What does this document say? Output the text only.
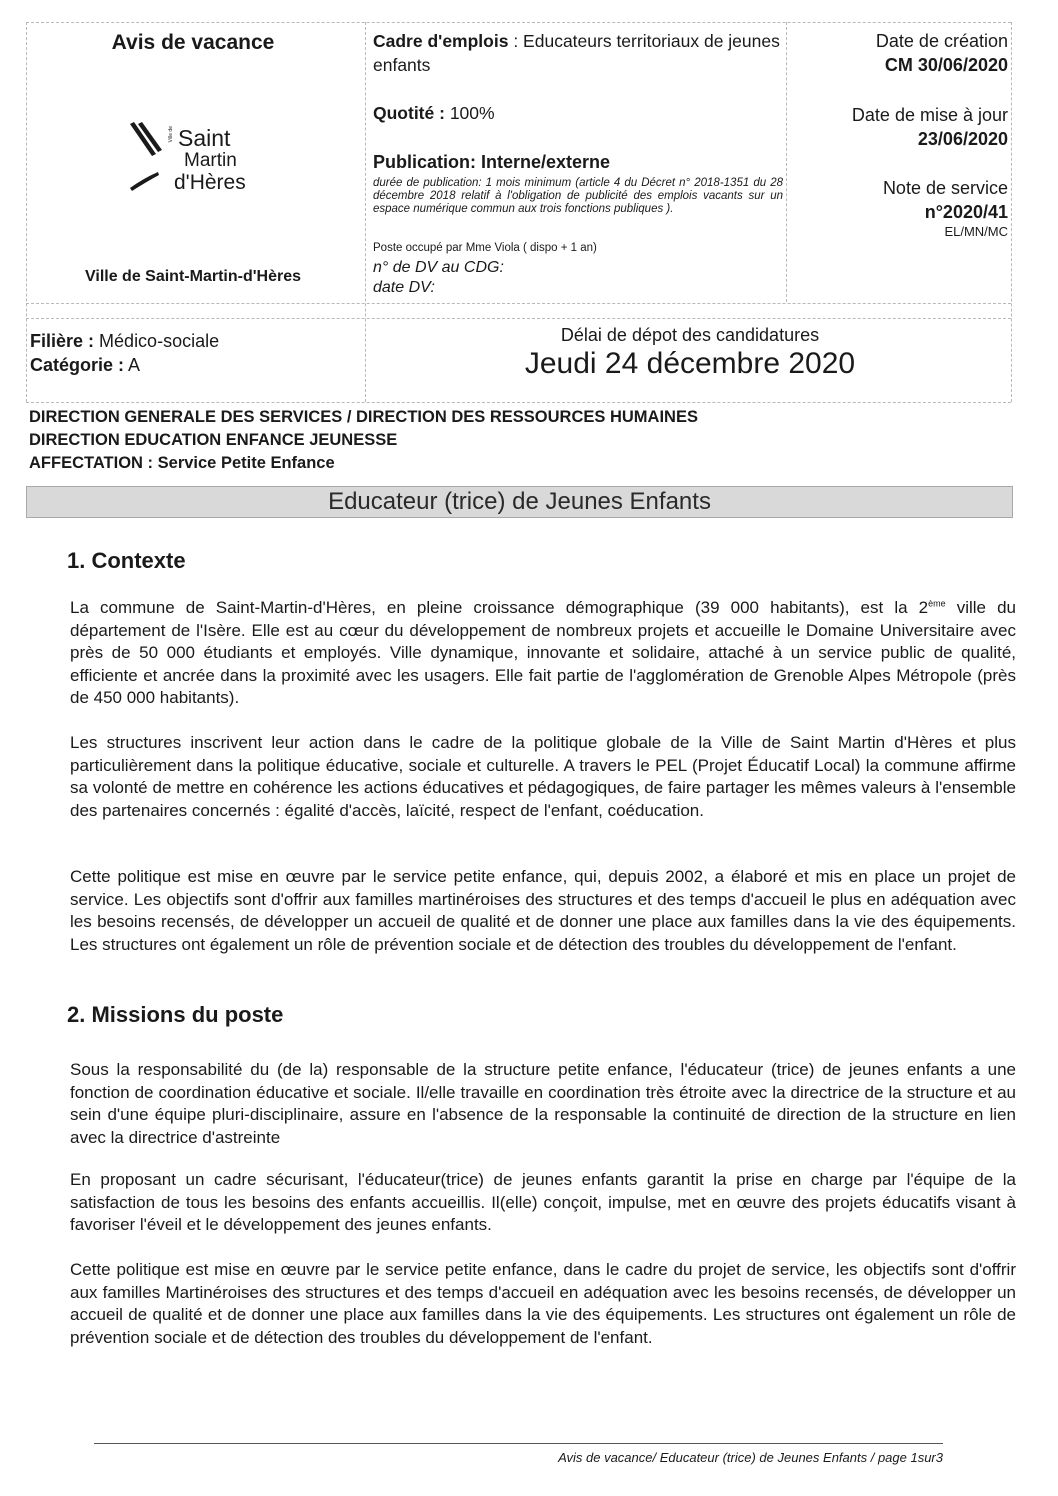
Avis de vacance
Ville de Saint
Martin
d'Hères
Ville de Saint-Martin-d'Hères
Cadre d'emplois : Educateurs territoriaux de jeunes enfants
Quotité : 100%
Publication: Interne/externe
durée de publication: 1 mois minimum (article 4 du Décret n° 2018-1351 du 28 décembre 2018 relatif à l'obligation de publicité des emplois vacants sur un espace numérique commun aux trois fonctions publiques ).
Poste occupé par Mme Viola ( dispo + 1 an)
n° de DV au CDG:
date DV:
Date de création
CM 30/06/2020
Date de mise à jour
23/06/2020
Note de service
n°2020/41
EL/MN/MC
Filière : Médico-sociale
Catégorie : A
Délai de dépot des candidatures
Jeudi 24 décembre 2020
DIRECTION GENERALE DES SERVICES / DIRECTION DES RESSOURCES HUMAINES
DIRECTION EDUCATION ENFANCE JEUNESSE
AFFECTATION : Service Petite Enfance
Educateur (trice) de Jeunes Enfants
1. Contexte
La commune de Saint-Martin-d'Hères, en pleine croissance démographique (39 000 habitants), est la 2ème ville du département de l'Isère. Elle est au cœur du développement de nombreux projets et accueille le Domaine Universitaire avec près de 50 000 étudiants et employés. Ville dynamique, innovante et solidaire, attaché à un service public de qualité, efficiente et ancrée dans la proximité avec les usagers. Elle fait partie de l'agglomération de Grenoble Alpes Métropole (près de 450 000 habitants).
Les structures inscrivent leur action dans le cadre de la politique globale de la Ville de Saint Martin d'Hères et plus particulièrement dans la politique éducative, sociale et culturelle. A travers le PEL (Projet Éducatif Local) la commune affirme sa volonté de mettre en cohérence les actions éducatives et pédagogiques, de faire partager les mêmes valeurs à l'ensemble des partenaires concernés : égalité d'accès, laïcité, respect de l'enfant, coéducation.
Cette politique est mise en œuvre par le service petite enfance, qui, depuis 2002, a élaboré et mis en place un projet de service. Les objectifs sont d'offrir aux familles martinéroises des structures et des temps d'accueil le plus en adéquation avec les besoins recensés, de développer un accueil de qualité et de donner une place aux familles dans la vie des équipements. Les structures ont également un rôle de prévention sociale et de détection des troubles du développement de l'enfant.
2. Missions du poste
Sous la responsabilité du (de la) responsable de la structure petite enfance, l'éducateur (trice) de jeunes enfants a une fonction de coordination éducative et sociale. Il/elle travaille en coordination très étroite avec la directrice de la structure et au sein d'une équipe pluri-disciplinaire, assure en l'absence de la responsable la continuité de direction de la structure en lien avec la directrice d'astreinte
En proposant un cadre sécurisant, l'éducateur(trice) de jeunes enfants garantit la prise en charge par l'équipe de la satisfaction de tous les besoins des enfants accueillis. Il(elle) conçoit, impulse, met en œuvre des projets éducatifs visant à favoriser l'éveil et le développement des jeunes enfants.
Cette politique est mise en œuvre par le service petite enfance, dans le cadre du projet de service, les objectifs sont d'offrir aux familles Martinéroises des structures et des temps d'accueil en adéquation avec les besoins recensés, de développer un accueil de qualité et de donner une place aux familles dans la vie des équipements. Les structures ont également un rôle de prévention sociale et de détection des troubles du développement de l'enfant.
Avis de vacance/ Educateur (trice) de Jeunes Enfants / page 1sur3
